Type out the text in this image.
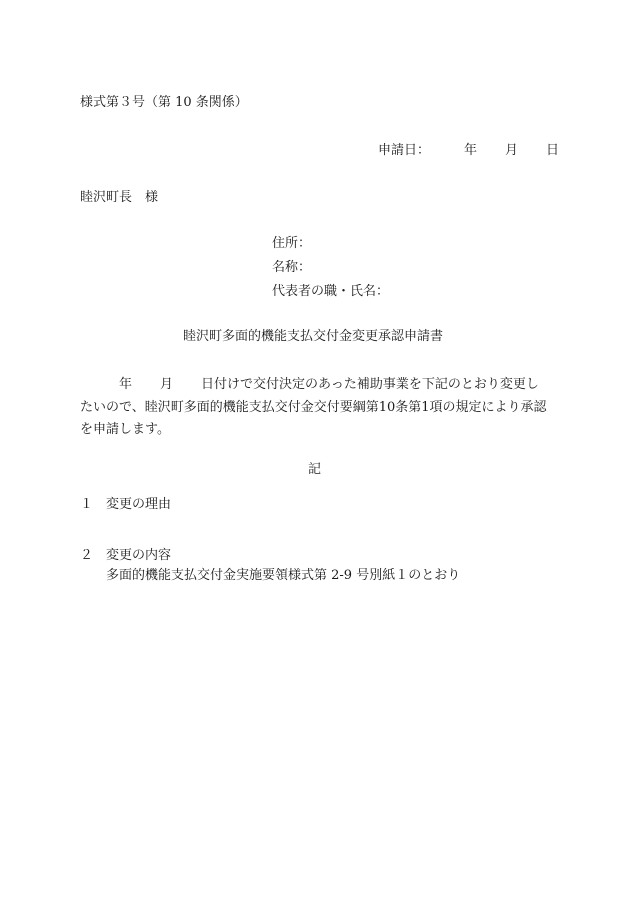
様式第３号（第 10 条関係）
申請日：	年 月 日
睦沢町長　様
住所：
名称：
代表者の職・氏名：
睦沢町多面的機能支払交付金変更承認申請書
年 月 日付けで交付決定のあった補助事業を下記のとおり変更し
たいので、睦沢町多面的機能支払交付金交付要綱第10条第1項の規定により承認
を申請します。
記
１ 変更の理由
２ 変更の内容
多面的機能支払交付金実施要領様式第 2-9 号別紙１のとおり
